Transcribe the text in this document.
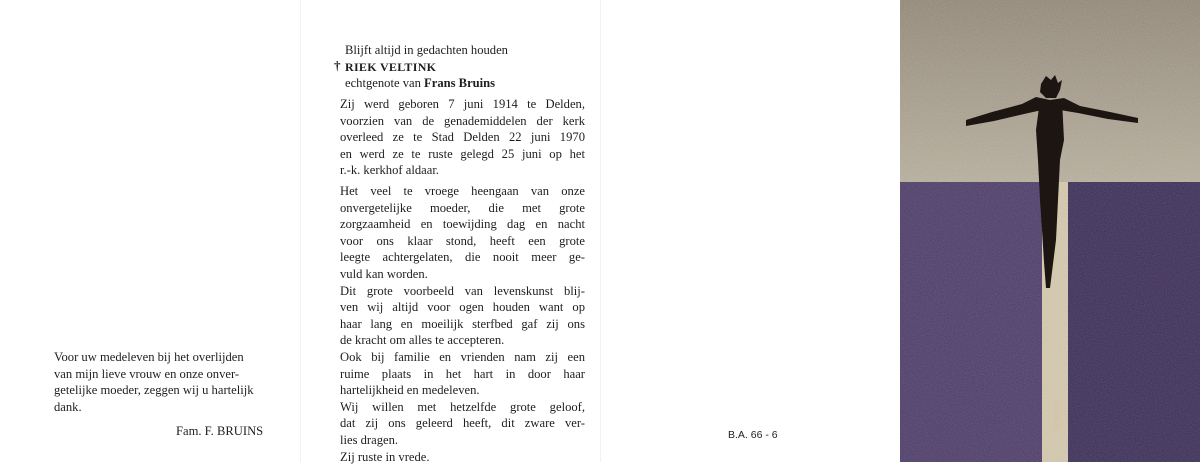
Voor uw medeleven bij het overlijden
van mijn lieve vrouw en onze onver-
getelijke moeder, zeggen wij u hartelijk
dank.
Fam. F. BRUINS
†
Blijft altijd in gedachten houden
RIEK VELTINK
echtgenote van Frans Bruins
Zij werd geboren 7 juni 1914 te Delden,
voorzien van de genademiddelen der kerk
overleed ze te Stad Delden 22 juni 1970
en werd ze te ruste gelegd 25 juni op het
r.-k. kerkhof aldaar.
Het veel te vroege heengaan van onze
onvergetelijke moeder, die met grote
zorgzaamheid en toewijding dag en nacht
voor ons klaar stond, heeft een grote
leegte achtergelaten, die nooit meer ge-
vuld kan worden.
Dit grote voorbeeld van levenskunst blij-
ven wij altijd voor ogen houden want op
haar lang en moeilijk sterfbed gaf zij ons
de kracht om alles te accepteren.
Ook bij familie en vrienden nam zij een
ruime plaats in het hart in door haar
hartelijkheid en medeleven.
Wij willen met hetzelfde grote geloof,
dat zij ons geleerd heeft, dit zware ver-
lies dragen.
Zij ruste in vrede.
B.A. 66 - 6
Rdeink
